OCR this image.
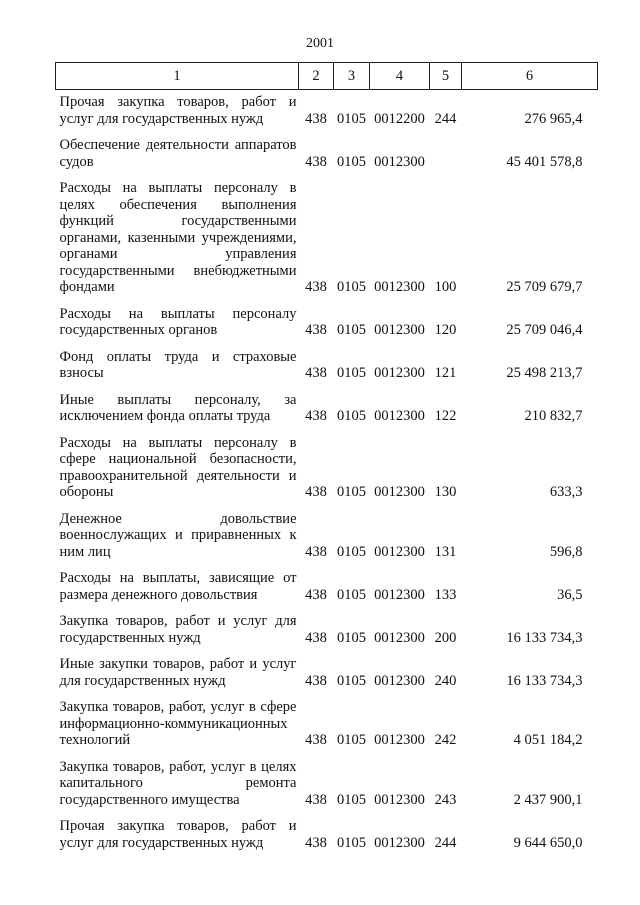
2001
1	2	3	4	5	6
Прочая закупка товаров, работ и услуг для государственных нужд	438	0105	0012200	244	276 965,4
Обеспечение деятельности аппаратов судов	438	0105	0012300		45 401 578,8
Расходы на выплаты персоналу в целях обеспечения выполнения функций государственными органами, казенными учреждениями, органами управления государственными внебюджетными фондами	438	0105	0012300	100	25 709 679,7
Расходы на выплаты персоналу государственных органов	438	0105	0012300	120	25 709 046,4
Фонд оплаты труда и страховые взносы	438	0105	0012300	121	25 498 213,7
Иные выплаты персоналу, за исключением фонда оплаты труда	438	0105	0012300	122	210 832,7
Расходы на выплаты персоналу в сфере национальной безопасности, правоохранительной деятельности и обороны	438	0105	0012300	130	633,3
Денежное довольствие военнослужащих и приравненных к ним лиц	438	0105	0012300	131	596,8
Расходы на выплаты, зависящие от размера денежного довольствия	438	0105	0012300	133	36,5
Закупка товаров, работ и услуг для государственных нужд	438	0105	0012300	200	16 133 734,3
Иные закупки товаров, работ и услуг для государственных нужд	438	0105	0012300	240	16 133 734,3
Закупка товаров, работ, услуг в сфере информационно-коммуникационных технологий	438	0105	0012300	242	4 051 184,2
Закупка товаров, работ, услуг в целях капитального ремонта государственного имущества	438	0105	0012300	243	2 437 900,1
Прочая закупка товаров, работ и услуг для государственных нужд	438	0105	0012300	244	9 644 650,0
